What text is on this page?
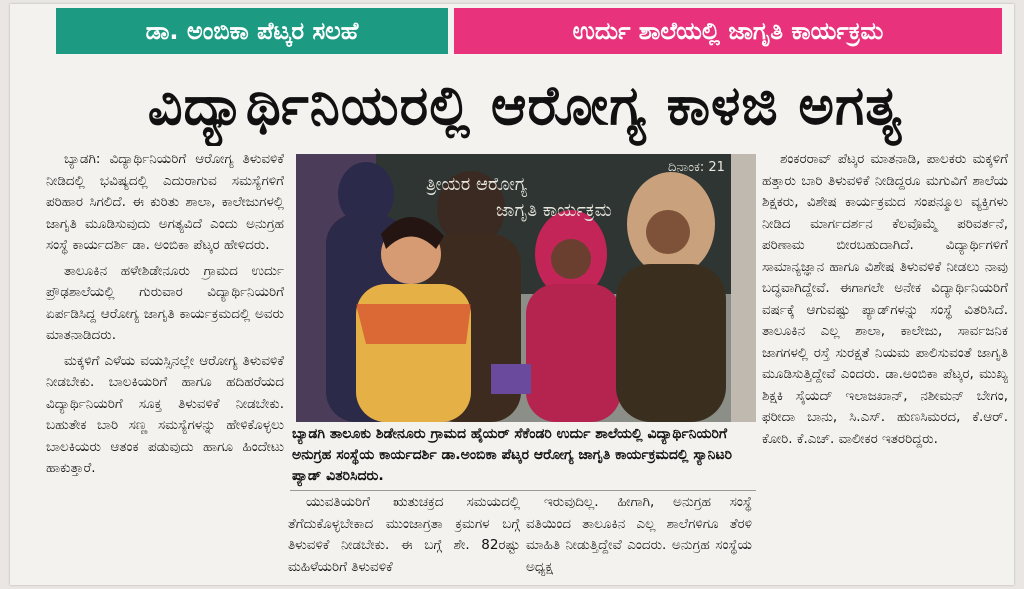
ಡಾ. ಅಂಬಿಕಾ ಪೆಟ್ಕರ ಸಲಹೆ	ಉರ್ದು ಶಾಲೆಯಲ್ಲಿ ಜಾಗೃತಿ ಕಾರ್ಯಕ್ರಮ
ವಿದ್ಯಾರ್ಥಿನಿಯರಲ್ಲಿ ಆರೋಗ್ಯ ಕಾಳಜಿ ಅಗತ್ಯ

ಬ್ಯಾಡಗಿ: ವಿದ್ಯಾರ್ಥಿನಿಯರಿಗೆ ಆರೋಗ್ಯ ತಿಳುವಳಿಕೆ ನೀಡಿದಲ್ಲಿ ಭವಿಷ್ಯದಲ್ಲಿ ಎದುರಾಗುವ ಸಮಸ್ಯೆಗಳಿಗೆ ಪರಿಹಾರ ಸಿಗಲಿದೆ. ಈ ಕುರಿತು ಶಾಲಾ, ಕಾಲೇಜುಗಳಲ್ಲಿ ಜಾಗೃತಿ ಮೂಡಿಸುವುದು ಅಗತ್ಯವಿದೆ ಎಂದು ಅನುಗ್ರಹ ಸಂಸ್ಥೆ ಕಾರ್ಯದರ್ಶಿ ಡಾ. ಅಂಬಿಕಾ ಪೆಟ್ಕರ ಹೇಳಿದರು.

ತಾಲೂಕಿನ ಹಳೇಶಿಡೇನೂರು ಗ್ರಾಮದ ಉರ್ದು ಪ್ರೌಢಶಾಲೆಯಲ್ಲಿ ಗುರುವಾರ ವಿದ್ಯಾರ್ಥಿನಿಯರಿಗೆ ಏರ್ಪಡಿಸಿದ್ದ ಆರೋಗ್ಯ ಜಾಗೃತಿ ಕಾರ್ಯಕ್ರಮದಲ್ಲಿ ಅವರು ಮಾತನಾಡಿದರು.

ಮಕ್ಕಳಿಗೆ ಎಳೆಯ ವಯಸ್ಸಿನಲ್ಲೇ ಆರೋಗ್ಯ ತಿಳುವಳಿಕೆ ನೀಡಬೇಕು. ಬಾಲಕಿಯರಿಗೆ ಹಾಗೂ ಹದಿಹರೆಯದ ವಿದ್ಯಾರ್ಥಿನಿಯರಿಗೆ ಸೂಕ್ತ ತಿಳುವಳಿಕೆ ನೀಡಬೇಕು. ಬಹುತೇಕ ಬಾರಿ ಸಣ್ಣ ಸಮಸ್ಯೆಗಳನ್ನು ಹೇಳಿಕೊಳ್ಳಲು ಬಾಲಕಿಯರು ಆತಂಕ ಪಡುವುದು ಹಾಗೂ ಹಿಂದೇಟು ಹಾಕುತ್ತಾರೆ.

ದಿನಾಂಕ: 21
ತ್ರೀಯರ ಆರೋಗ್ಯ
ಜಾಗೃತಿ ಕಾರ್ಯಕ್ರಮ
ಬ್ಯಾಡಗಿ ತಾಲೂಕು ಶಿಡೇನೂರು ಗ್ರಾಮದ ಹೈಯರ್ ಸೆಕೆಂಡರಿ ಉರ್ದು ಶಾಲೆಯಲ್ಲಿ ವಿದ್ಯಾರ್ಥಿನಿಯರಿಗೆ ಅನುಗ್ರಹ ಸಂಸ್ಥೆಯ ಕಾರ್ಯದರ್ಶಿ ಡಾ.ಅಂಬಿಕಾ ಪೆಟ್ಕರ ಆರೋಗ್ಯ ಜಾಗೃತಿ ಕಾರ್ಯಕ್ರಮದಲ್ಲಿ ಸ್ಯಾನಿಟರಿ ಪ್ಯಾಡ್ ವಿತರಿಸಿದರು.

ಯುವತಿಯರಿಗೆ ಋತುಚಕ್ರದ ಸಮಯದಲ್ಲಿ ತೆಗೆದುಕೊಳ್ಳಬೇಕಾದ ಮುಂಜಾಗ್ರತಾ ಕ್ರಮಗಳ ಬಗ್ಗೆ ತಿಳುವಳಿಕೆ ನೀಡಬೇಕು. ಈ ಬಗ್ಗೆ ಶೇ. 82ರಷ್ಟು ಮಹಿಳೆಯರಿಗೆ ತಿಳುವಳಿಕೆ

ಇರುವುದಿಲ್ಲ. ಹೀಗಾಗಿ, ಅನುಗ್ರಹ ಸಂಸ್ಥೆ ವತಿಯಿಂದ ತಾಲೂಕಿನ ಎಲ್ಲ ಶಾಲೆಗಳಿಗೂ ತೆರಳಿ ಮಾಹಿತಿ ನೀಡುತ್ತಿದ್ದೇವೆ ಎಂದರು. ಅನುಗ್ರಹ ಸಂಸ್ಥೆಯ ಅಧ್ಯಕ್ಷ

ಶಂಕರರಾವ್ ಪೆಟ್ಕರ ಮಾತನಾಡಿ, ಪಾಲಕರು ಮಕ್ಕಳಿಗೆ ಹತ್ತಾರು ಬಾರಿ ತಿಳುವಳಿಕೆ ನೀಡಿದ್ದರೂ ಮಗುವಿಗೆ ಶಾಲೆಯ ಶಿಕ್ಷಕರು, ವಿಶೇಷ ಕಾರ್ಯಕ್ರಮದ ಸಂಪನ್ಮೂಲ ವ್ಯಕ್ತಿಗಳು ನೀಡಿದ ಮಾರ್ಗದರ್ಶನ ಕೆಲವೊಮ್ಮೆ ಪರಿವರ್ತನೆ, ಪರಿಣಾಮ ಬೀರಬಹುದಾಗಿದೆ. ವಿದ್ಯಾರ್ಥಿಗಳಿಗೆ ಸಾಮಾನ್ಯಜ್ಞಾನ ಹಾಗೂ ವಿಶೇಷ ತಿಳುವಳಿಕೆ ನೀಡಲು ನಾವು ಬದ್ಧವಾಗಿದ್ದೇವೆ. ಈಗಾಗಲೇ ಅನೇಕ ವಿದ್ಯಾರ್ಥಿನಿಯರಿಗೆ ವರ್ಷಕ್ಕೆ ಆಗುವಷ್ಟು ಪ್ಯಾಡ್‌ಗಳನ್ನು ಸಂಸ್ಥೆ ವಿತರಿಸಿದೆ. ತಾಲೂಕಿನ ಎಲ್ಲ ಶಾಲಾ, ಕಾಲೇಜು, ಸಾರ್ವಜನಿಕ ಜಾಗಗಳಲ್ಲಿ ರಸ್ತೆ ಸುರಕ್ಷತೆ ನಿಯಮ ಪಾಲಿಸುವಂತೆ ಜಾಗೃತಿ ಮೂಡಿಸುತ್ತಿದ್ದೇವೆ ಎಂದರು. ಡಾ.ಅಂಬಿಕಾ ಪೆಟ್ಕರ, ಮುಖ್ಯ ಶಿಕ್ಷಕಿ ಸೈಯದ್ ಇಲಾಜಖಾನ್, ನಶೀಮನ್ ಬೇಗಂ, ಫರೀದಾ ಬಾನು, ಸಿ.ಎಸ್. ಹುಣಸಿಮರದ, ಕೆ.ಆರ್. ಕೋರಿ. ಕೆ.ಎಚ್. ವಾಲೀಕರ ಇತರರಿದ್ದರು.
